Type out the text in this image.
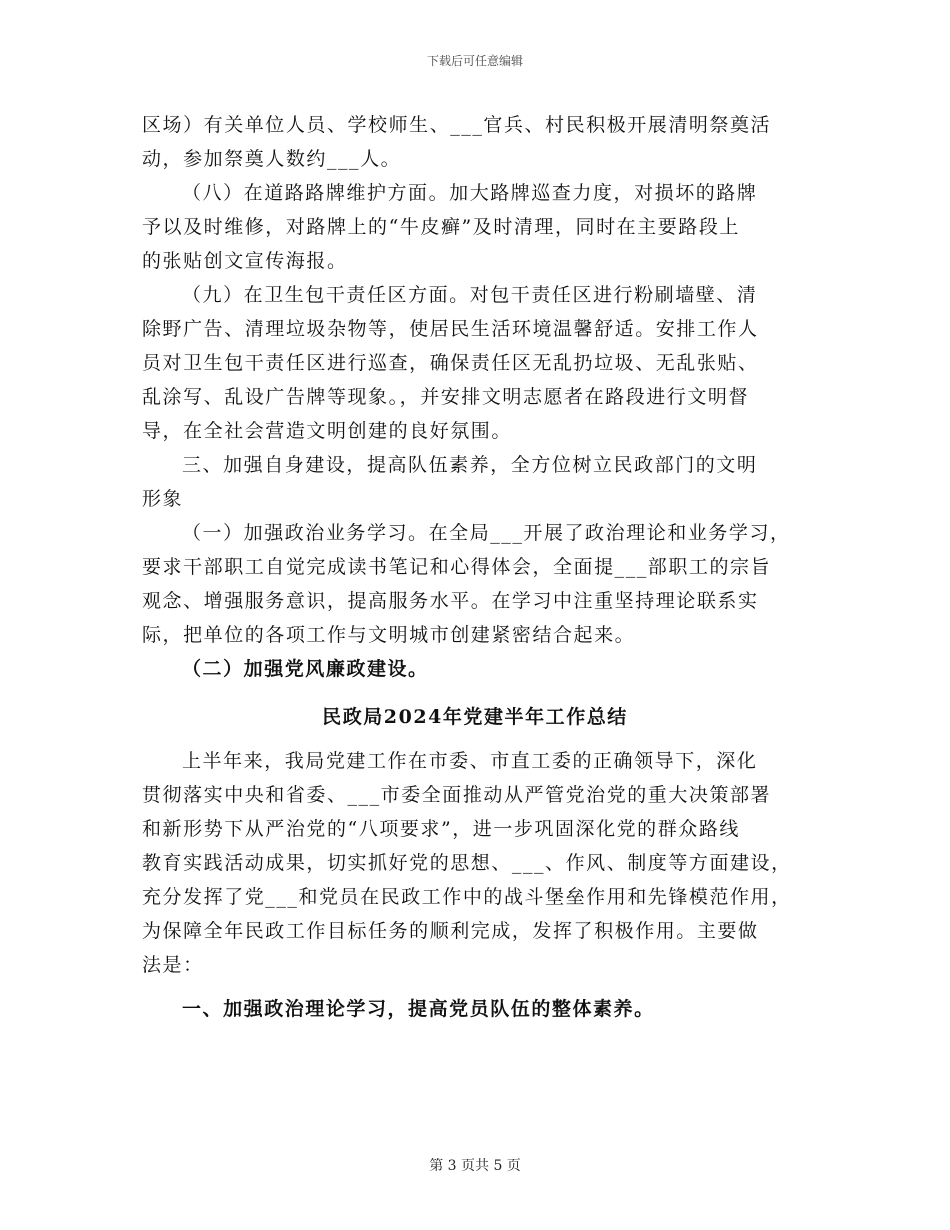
下载后可任意编辑
区场）有关单位人员、学校师生、___官兵、村民积极开展清明祭奠活
动，参加祭奠人数约___人。
（八）在道路路牌维护方面。加大路牌巡查力度，对损坏的路牌
予以及时维修，对路牌上的“牛皮癣”及时清理，同时在主要路段上
的张贴创文宣传海报。
（九）在卫生包干责任区方面。对包干责任区进行粉刷墙壁、清
除野广告、清理垃圾杂物等，使居民生活环境温馨舒适。安排工作人
员对卫生包干责任区进行巡查，确保责任区无乱扔垃圾、无乱张贴、
乱涂写、乱设广告牌等现象。，并安排文明志愿者在路段进行文明督
导，在全社会营造文明创建的良好氛围。
三、加强自身建设，提高队伍素养，全方位树立民政部门的文明
形象
（一）加强政治业务学习。在全局___开展了政治理论和业务学习，
要求干部职工自觉完成读书笔记和心得体会，全面提___部职工的宗旨
观念、增强服务意识，提高服务水平。在学习中注重坚持理论联系实
际，把单位的各项工作与文明城市创建紧密结合起来。
（二）加强党风廉政建设。
民政局2024年党建半年工作总结
上半年来，我局党建工作在市委、市直工委的正确领导下，深化
贯彻落实中央和省委、___市委全面推动从严管党治党的重大决策部署
和新形势下从严治党的“八项要求”，进一步巩固深化党的群众路线
教育实践活动成果，切实抓好党的思想、___、作风、制度等方面建设，
充分发挥了党___和党员在民政工作中的战斗堡垒作用和先锋模范作用，
为保障全年民政工作目标任务的顺利完成，发挥了积极作用。主要做
法是：
一、加强政治理论学习，提高党员队伍的整体素养。
第 3 页共 5 页
